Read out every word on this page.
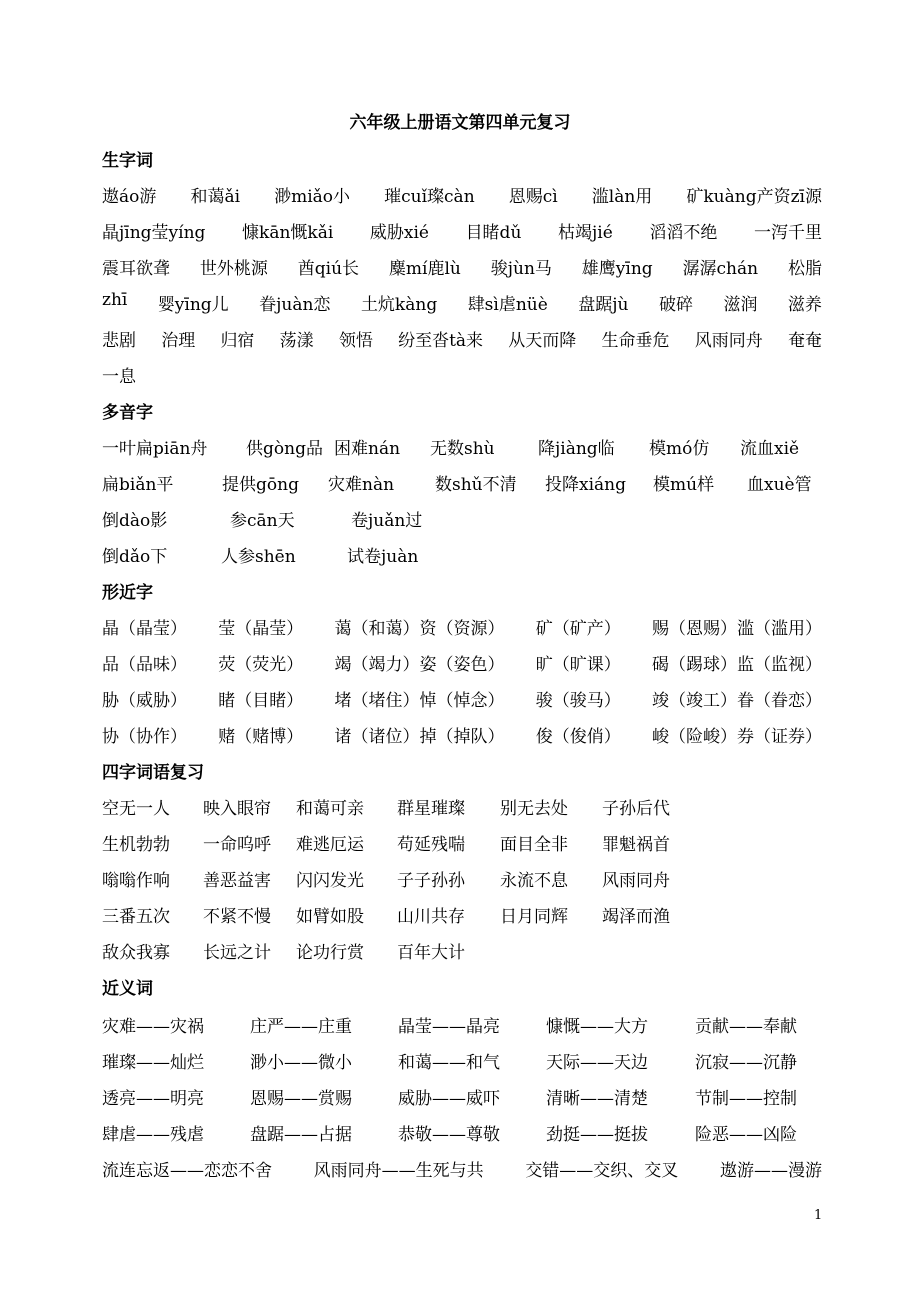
六年级上册语文第四单元复习
生字词
遨áo游 和蔼ǎi 渺miǎo小 璀cuǐ璨càn 恩赐cì 滥làn用 矿kuàng产资zī源
晶jīng莹yíng 慷kān慨kǎi 威胁xié 目睹dǔ 枯竭jié 滔滔不绝 一泻千里
震耳欲聋 世外桃源 酋qiú长 麋mí鹿lù 骏jùn马 雄鹰yīng 潺潺chán 松脂
zhī 婴yīng儿 眷juàn恋 土炕kàng 肆sì虐nüè 盘踞jù 破碎 滋润 滋养
悲剧 治理 归宿 荡漾 领悟 纷至沓tà来 从天而降 生命垂危 风雨同舟 奄奄
一息
多音字
一叶扁piān舟 供gòng品 困难nán 无数shù	降jiàng临 模mó仿 流血xiě
扁biǎn平	提供gōng 灾难nàn 数shǔ不清 投降xiáng 模mú样 血xuè管
倒dào影	参cān天	卷juǎn过
倒dǎo下	人参shēn	试卷juàn
形近字
晶（晶莹） 莹（晶莹） 蔼（和蔼）资（资源） 矿（矿产） 赐（恩赐）滥（滥用）
品（品味） 荧（荧光） 竭（竭力）姿（姿色） 旷（旷课） 碣（踢球）监（监视）
胁（威胁） 睹（目睹） 堵（堵住）悼（悼念） 骏（骏马） 竣（竣工）眷（眷恋）
协（协作） 赌（赌博） 诸（诸位）掉（掉队） 俊（俊俏） 峻（险峻）券（证券）
四字词语复习
空无一人 映入眼帘 和蔼可亲 群星璀璨 别无去处 子孙后代
生机勃勃 一命呜呼 难逃厄运 苟延残喘 面目全非 罪魁祸首
嗡嗡作响 善恶益害 闪闪发光 子子孙孙 永流不息 风雨同舟
三番五次 不紧不慢 如臂如股 山川共存 日月同辉 竭泽而渔
敌众我寡 长远之计 论功行赏 百年大计
近义词
灾难——灾祸	庄严——庄重	晶莹——晶亮	慷慨——大方	贡献——奉献
璀璨——灿烂	渺小——微小	和蔼——和气	天际——天边	沉寂——沉静
透亮——明亮	恩赐——赏赐	威胁——威吓	清晰——清楚	节制——控制
肆虐——残虐	盘踞——占据	恭敬——尊敬	劲挺——挺拔	险恶——凶险
流连忘返——恋恋不舍 风雨同舟——生死与共 交错——交织、交叉 遨游——漫游
1
